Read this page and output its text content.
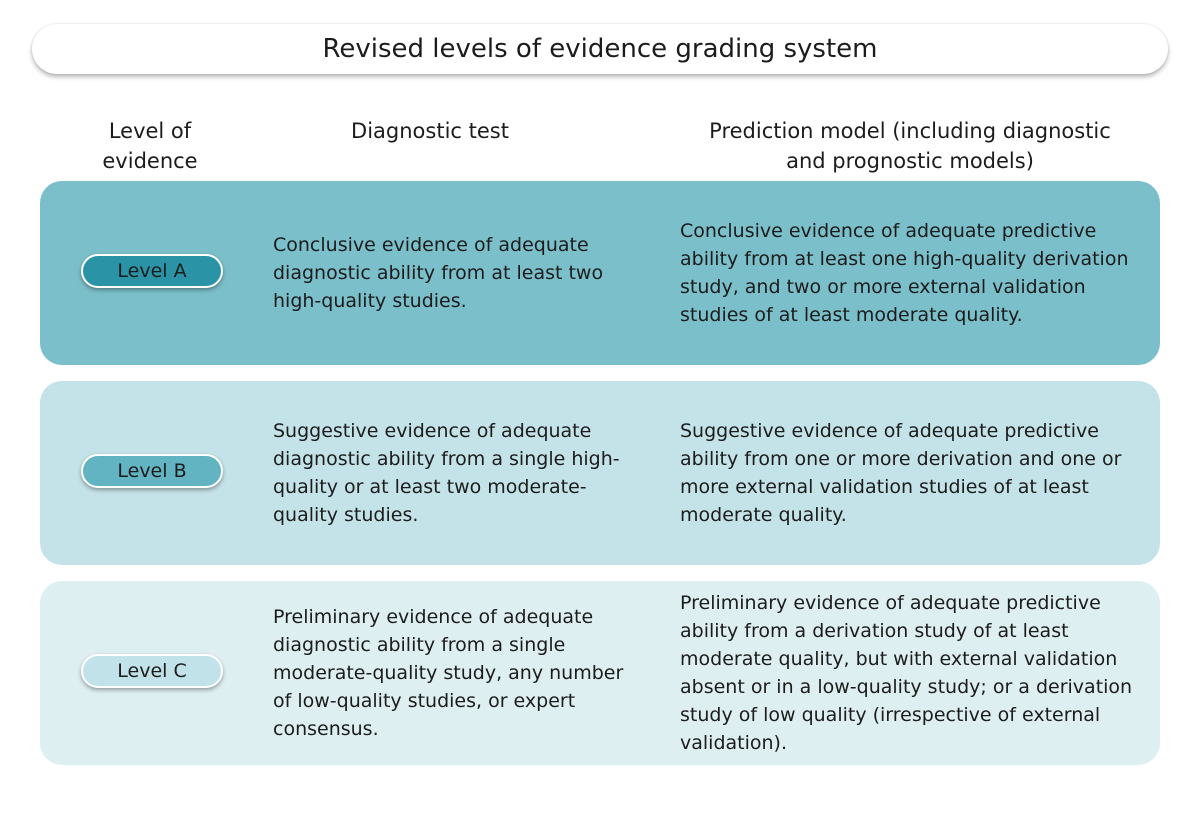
Revised levels of evidence grading system
Level of evidence
Diagnostic test	Prediction model (including diagnostic and prognostic models)
Level A
Conclusive evidence of adequate diagnostic ability from at least two high-quality studies.
Conclusive evidence of adequate predictive ability from at least one high-quality derivation study, and two or more external validation studies of at least moderate quality.
Level B
Suggestive evidence of adequate diagnostic ability from a single high-quality or at least two moderate-quality studies.
Suggestive evidence of adequate predictive ability from one or more derivation and one or more external validation studies of at least moderate quality.
Level C
Preliminary evidence of adequate diagnostic ability from a single moderate-quality study, any number of low-quality studies, or expert consensus.
Preliminary evidence of adequate predictive ability from a derivation study of at least moderate quality, but with external validation absent or in a low-quality study; or a derivation study of low quality (irrespective of external validation).
